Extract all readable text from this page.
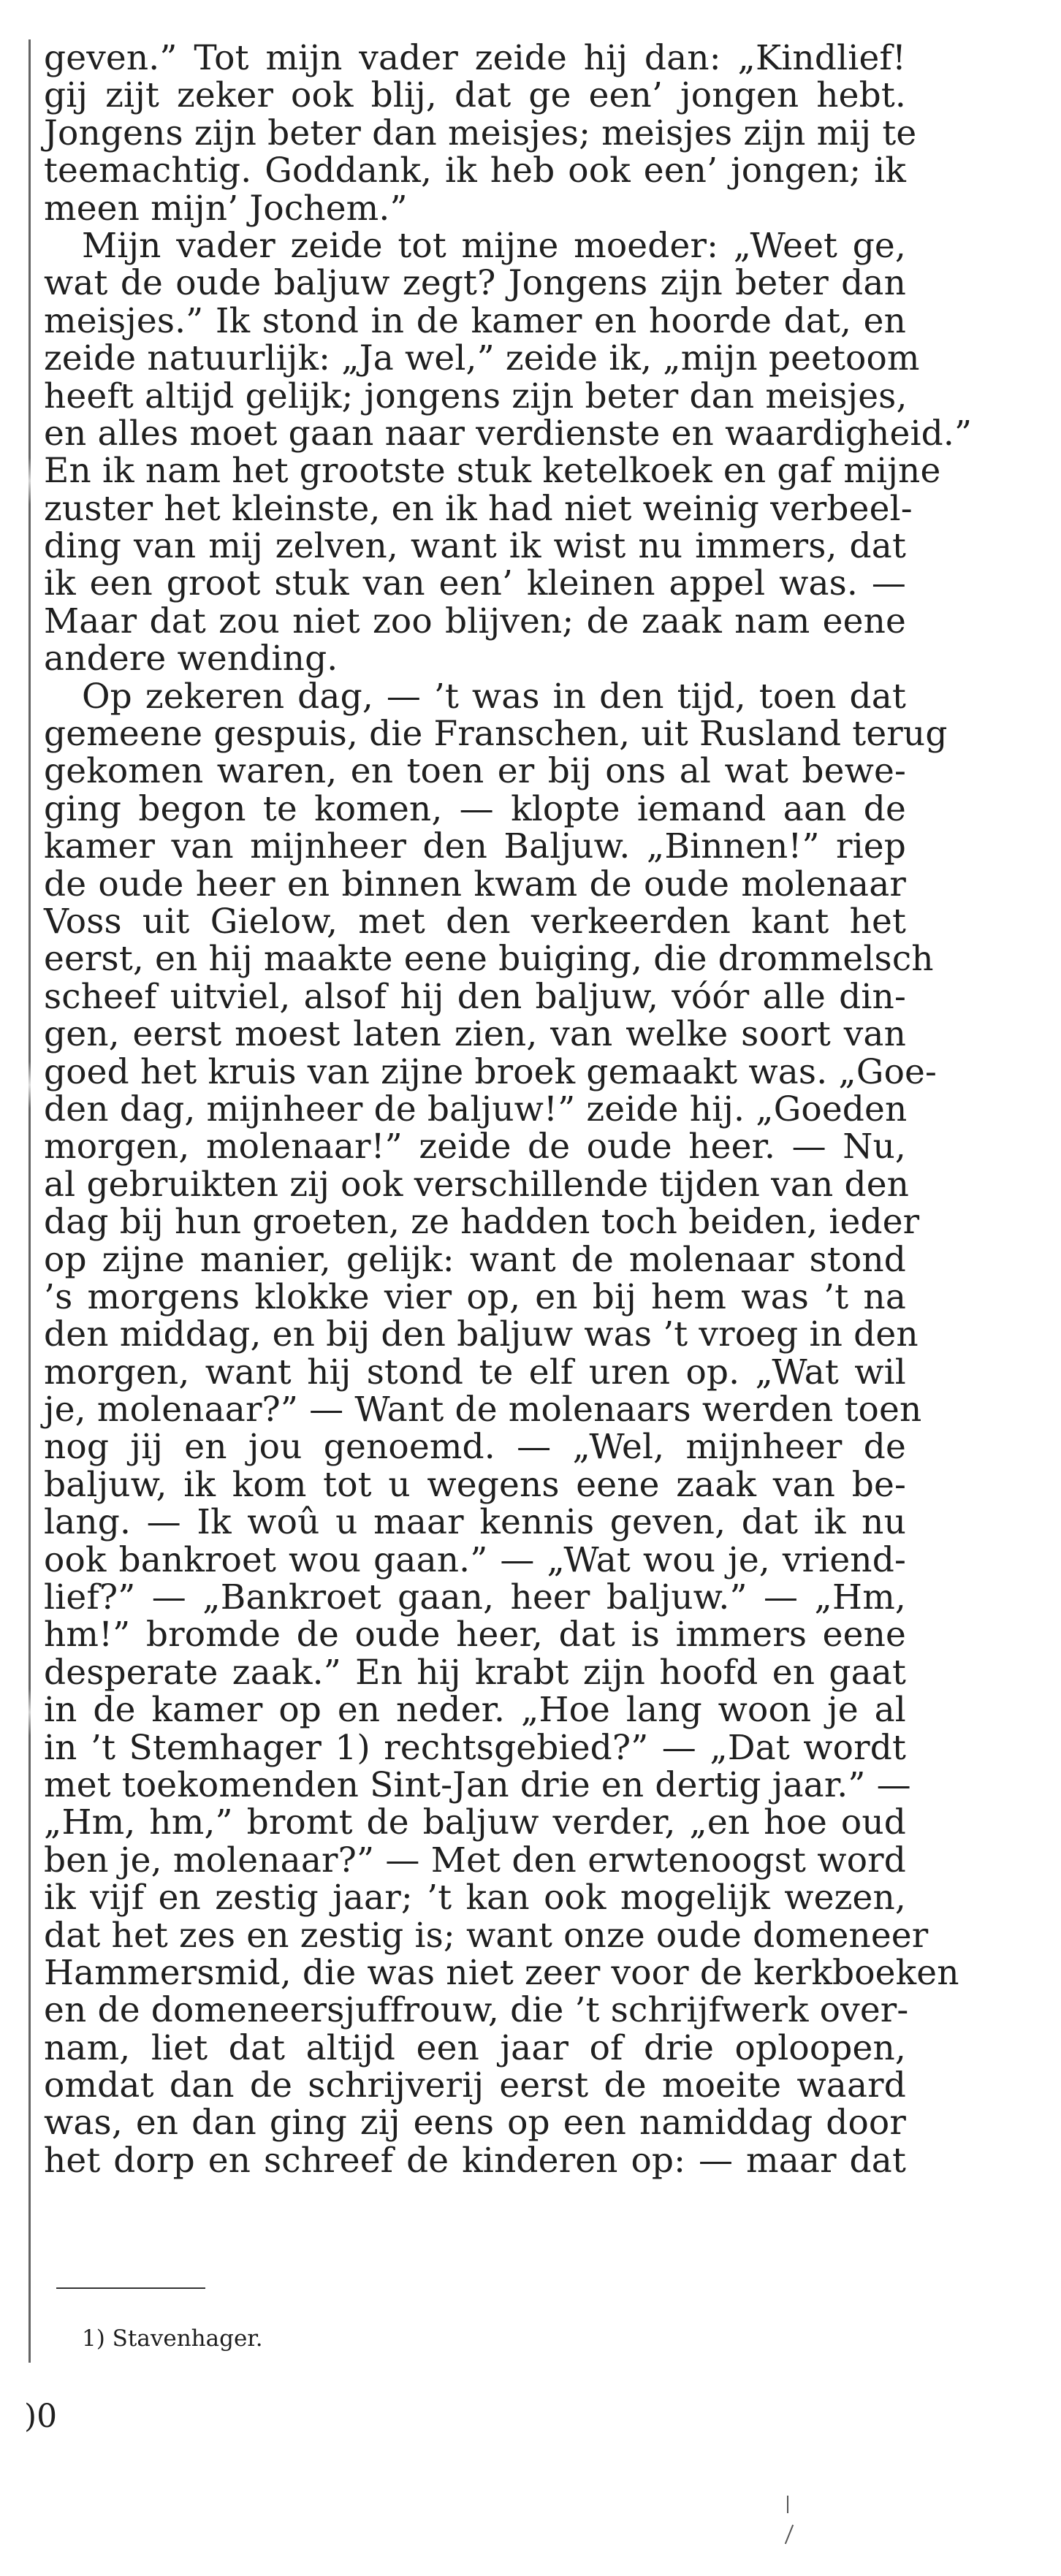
geven.” Tot mijn vader zeide hij dan: „Kindlief!
gij zijt zeker ook blij, dat ge een’ jongen hebt.
Jongens zijn beter dan meisjes; meisjes zijn mij te
teemachtig. Goddank, ik heb ook een’ jongen; ik
meen mijn’ Jochem.”
Mijn vader zeide tot mijne moeder: „Weet ge,
wat de oude baljuw zegt? Jongens zijn beter dan
meisjes.” Ik stond in de kamer en hoorde dat, en
zeide natuurlijk: „Ja wel,” zeide ik, „mijn peetoom
heeft altijd gelijk; jongens zijn beter dan meisjes,
en alles moet gaan naar verdienste en waardigheid.”
En ik nam het grootste stuk ketelkoek en gaf mijne
zuster het kleinste, en ik had niet weinig verbeel-
ding van mij zelven, want ik wist nu immers, dat
ik een groot stuk van een’ kleinen appel was. —
Maar dat zou niet zoo blijven; de zaak nam eene
andere wending.
Op zekeren dag, — ’t was in den tijd, toen dat
gemeene gespuis, die Franschen, uit Rusland terug
gekomen waren, en toen er bij ons al wat bewe-
ging begon te komen, — klopte iemand aan de
kamer van mijnheer den Baljuw. „Binnen!” riep
de oude heer en binnen kwam de oude molenaar
Voss uit Gielow, met den verkeerden kant het
eerst, en hij maakte eene buiging, die drommelsch
scheef uitviel, alsof hij den baljuw, vóór alle din-
gen, eerst moest laten zien, van welke soort van
goed het kruis van zijne broek gemaakt was. „Goe-
den dag, mijnheer de baljuw!” zeide hij. „Goeden
morgen, molenaar!” zeide de oude heer. — Nu,
al gebruikten zij ook verschillende tijden van den
dag bij hun groeten, ze hadden toch beiden, ieder
op zijne manier, gelijk: want de molenaar stond
’s morgens klokke vier op, en bij hem was ’t na
den middag, en bij den baljuw was ’t vroeg in den
morgen, want hij stond te elf uren op. „Wat wil
je, molenaar?” — Want de molenaars werden toen
nog jij en jou genoemd. — „Wel, mijnheer de
baljuw, ik kom tot u wegens eene zaak van be-
lang. — Ik woû u maar kennis geven, dat ik nu
ook bankroet wou gaan.” — „Wat wou je, vriend-
lief?” — „Bankroet gaan, heer baljuw.” — „Hm,
hm!” bromde de oude heer, dat is immers eene
desperate zaak.” En hij krabt zijn hoofd en gaat
in de kamer op en neder. „Hoe lang woon je al
in ’t Stemhager 1) rechtsgebied?” — „Dat wordt
met toekomenden Sint-Jan drie en dertig jaar.” —
„Hm, hm,” bromt de baljuw verder, „en hoe oud
ben je, molenaar?” — Met den erwtenoogst word
ik vijf en zestig jaar; ’t kan ook mogelijk wezen,
dat het zes en zestig is; want onze oude domeneer
Hammersmid, die was niet zeer voor de kerkboeken
en de domeneersjuffrouw, die ’t schrijfwerk over-
nam, liet dat altijd een jaar of drie oploopen,
omdat dan de schrijverij eerst de moeite waard
was, en dan ging zij eens op een namiddag door
het dorp en schreef de kinderen op: — maar dat
1) Stavenhager.
)0
